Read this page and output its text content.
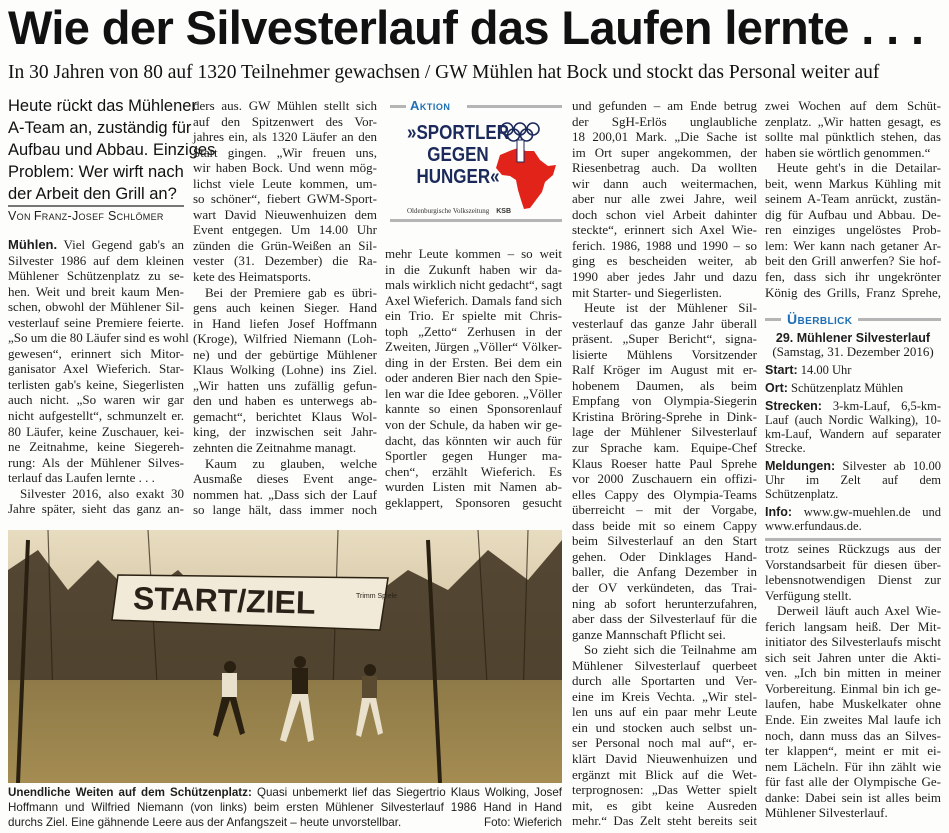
Wie der Silvesterlauf das Laufen lernte . . .
In 30 Jahren von 80 auf 1320 Teilnehmer gewachsen / GW Mühlen hat Bock und stockt das Personal weiter auf
Heute rückt das Mühlener
A-Team an, zuständig für
Aufbau und Abbau. Einziges
Problem: Wer wirft nach
der Arbeit den Grill an?
Von Franz-Josef Schlömer
Mühlen. Viel Gegend gab's an
Silvester 1986 auf dem kleinen
Mühlener Schützenplatz zu se-
hen. Weit und breit kaum Men-
schen, obwohl der Mühlener Sil-
vesterlauf seine Premiere feierte.
„So um die 80 Läufer sind es wohl
gewesen“, erinnert sich Mitor-
ganisator Axel Wieferich. Star-
terlisten gab's keine, Siegerlisten
auch nicht. „So waren wir gar
nicht aufgestellt“, schmunzelt er.
80 Läufer, keine Zuschauer, kei-
ne Zeitnahme, keine Siegereh-
rung: Als der Mühlener Silves-
terlauf das Laufen lernte . . .
Silvester 2016, also exakt 30
Jahre später, sieht das ganz an-
ders aus. GW Mühlen stellt sich
auf den Spitzenwert des Vor-
jahres ein, als 1320 Läufer an den
Start gingen. „Wir freuen uns,
wir haben Bock. Und wenn mög-
lichst viele Leute kommen, um-
so schöner“, fiebert GWM-Sport-
wart David Nieuwenhuizen dem
Event entgegen. Um 14.00 Uhr
zünden die Grün-Weißen an Sil-
vester (31. Dezember) die Ra-
kete des Heimatsports.
Bei der Premiere gab es übri-
gens auch keinen Sieger. Hand
in Hand liefen Josef Hoffmann
(Kroge), Wilfried Niemann (Loh-
ne) und der gebürtige Mühlener
Klaus Wolking (Lohne) ins Ziel.
„Wir hatten uns zufällig gefun-
den und haben es unterwegs ab-
gemacht“, berichtet Klaus Wol-
king, der inzwischen seit Jahr-
zehnten die Zeitnahme managt.
Kaum zu glauben, welche
Ausmaße dieses Event ange-
nommen hat. „Dass sich der Lauf
so lange hält, dass immer noch
mehr Leute kommen – so weit
in die Zukunft haben wir da-
mals wirklich nicht gedacht“, sagt
Axel Wieferich. Damals fand sich
ein Trio. Er spielte mit Chris-
toph „Zetto“ Zerhusen in der
Zweiten, Jürgen „Völler“ Völker-
ding in der Ersten. Bei dem ein
oder anderen Bier nach den Spie-
len war die Idee geboren. „Völler
kannte so einen Sponsorenlauf
von der Schule, da haben wir ge-
dacht, das könnten wir auch für
Sportler gegen Hunger ma-
chen“, erzählt Wieferich. Es
wurden Listen mit Namen ab-
geklappert, Sponsoren gesucht
und gefunden – am Ende betrug
der SgH-Erlös unglaubliche
18 200,01 Mark. „Die Sache ist
im Ort super angekommen, der
Riesenbetrag auch. Da wollten
wir dann auch weitermachen,
aber nur alle zwei Jahre, weil
doch schon viel Arbeit dahinter
steckte“, erinnert sich Axel Wie-
ferich. 1986, 1988 und 1990 – so
ging es bescheiden weiter, ab
1990 aber jedes Jahr und dazu
mit Starter- und Siegerlisten.
Heute ist der Mühlener Sil-
vesterlauf das ganze Jahr überall
präsent. „Super Bericht“, signa-
lisierte Mühlens Vorsitzender
Ralf Kröger im August mit er-
hobenem Daumen, als beim
Empfang von Olympia-Siegerin
Kristina Bröring-Sprehe in Dink-
lage der Mühlener Silvesterlauf
zur Sprache kam. Equipe-Chef
Klaus Roeser hatte Paul Sprehe
vor 2000 Zuschauern ein offizi-
elles Cappy des Olympia-Teams
überreicht – mit der Vorgabe,
dass beide mit so einem Cappy
beim Silvesterlauf an den Start
gehen. Oder Dinklages Hand-
baller, die Anfang Dezember in
der OV verkündeten, das Trai-
ning ab sofort herunterzufahren,
aber dass der Silvesterlauf für die
ganze Mannschaft Pflicht sei.
So zieht sich die Teilnahme am
Mühlener Silvesterlauf querbeet
durch alle Sportarten und Ver-
eine im Kreis Vechta. „Wir stel-
len uns auf ein paar mehr Leute
ein und stocken auch selbst un-
ser Personal noch mal auf“, er-
klärt David Nieuwenhuizen und
ergänzt mit Blick auf die Wet-
terprognosen: „Das Wetter spielt
mit, es gibt keine Ausreden
mehr.“ Das Zelt steht bereits seit
zwei Wochen auf dem Schüt-
zenplatz. „Wir hatten gesagt, es
sollte mal pünktlich stehen, das
haben sie wörtlich genommen.“
Heute geht's in die Detailar-
beit, wenn Markus Kühling mit
seinem A-Team anrückt, zustän-
dig für Aufbau und Abbau. De-
ren einziges ungelöstes Prob-
lem: Wer kann nach getaner Ar-
beit den Grill anwerfen? Sie hof-
fen, dass sich ihr ungekrönter
König des Grills, Franz Sprehe,
trotz seines Rückzugs aus der
Vorstandsarbeit für diesen über-
lebensnotwendigen Dienst zur
Verfügung stellt.
Derweil läuft auch Axel Wie-
ferich langsam heiß. Der Mit-
initiator des Silvesterlaufs mischt
sich seit Jahren unter die Akti-
ven. „Ich bin mitten in meiner
Vorbereitung. Einmal bin ich ge-
laufen, habe Muskelkater ohne
Ende. Ein zweites Mal laufe ich
noch, dann muss das an Silves-
ter klappen“, meint er mit ei-
nem Lächeln. Für ihn zählt wie
für fast alle der Olympische Ge-
danke: Dabei sein ist alles beim
Mühlener Silvesterlauf.
Aktion
»SPORTLER
GEGEN
HUNGER«
Oldenburgische Volkszeitung KSB
Überblick
29. Mühlener Silvesterlauf
(Samstag, 31. Dezember 2016)
Start: 14.00 Uhr
Ort: Schützenplatz Mühlen
Strecken: 3-km-Lauf, 6,5-km-Lauf (auch Nordic Walking), 10-km-Lauf, Wandern auf separater Strecke.
Meldungen: Silvester ab 10.00 Uhr im Zelt auf dem Schützenplatz.
Info: www.gw-muehlen.de und www.erfundaus.de.
START/ZIEL	Trimm Spiele
Unendliche Weiten auf dem Schützenplatz: Quasi unbemerkt lief das Siegertrio Klaus Wolking, Josef
Hoffmann und Wilfried Niemann (von links) beim ersten Mühlener Silvesterlauf 1986 Hand in Hand
durchs Ziel. Eine gähnende Leere aus der Anfangszeit – heute unvorstellbar.	Foto: Wieferich
